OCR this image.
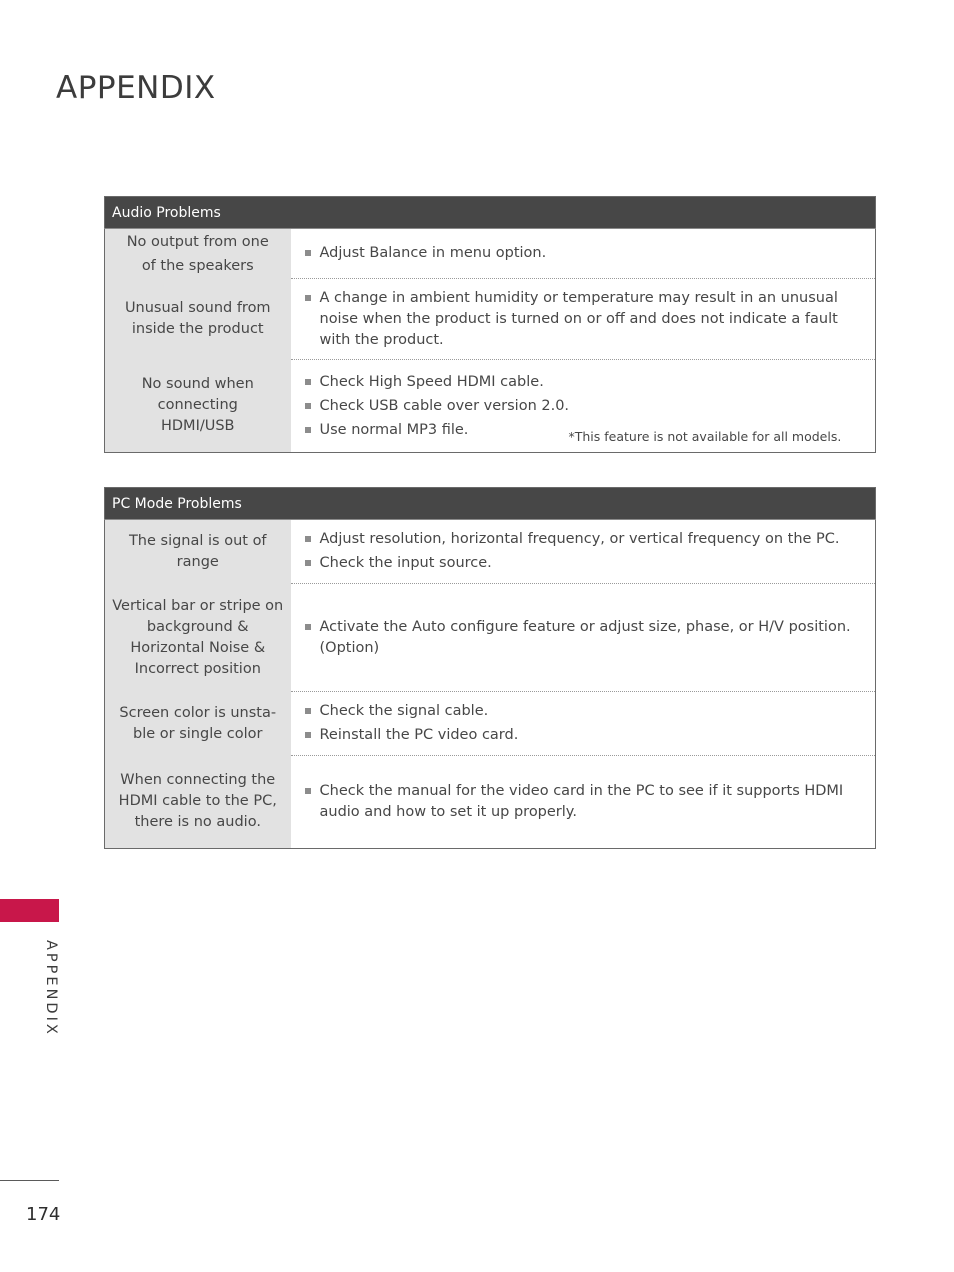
APPENDIX
Audio Problems	

No output from one of the speakers	Adjust Balance in menu option.

Unusual sound from inside the product	A change in ambient humidity or temperature may result in an unusual noise when the product is turned on or off and does not indicate a fault with the product.

No sound when connecting HDMI/USB	Check High Speed HDMI cable.
Check USB cable over version 2.0.
Use normal MP3 file. *This feature is not available for all models.
PC Mode Problems	

The signal is out of range	Adjust resolution, horizontal frequency, or vertical frequency on the PC.
Check the input source.

Vertical bar or stripe on
background &
Horizontal Noise &
Incorrect position	Activate the Auto configure feature or adjust size, phase, or H/V position. (Option)

Screen color is unsta- ble or single color	Check the signal cable.
Reinstall the PC video card.

When connecting the HDMI cable to the PC, there is no audio.	Check the manual for the video card in the PC to see if it supports HDMI audio and how to set it up properly.
APPENDIX
174
